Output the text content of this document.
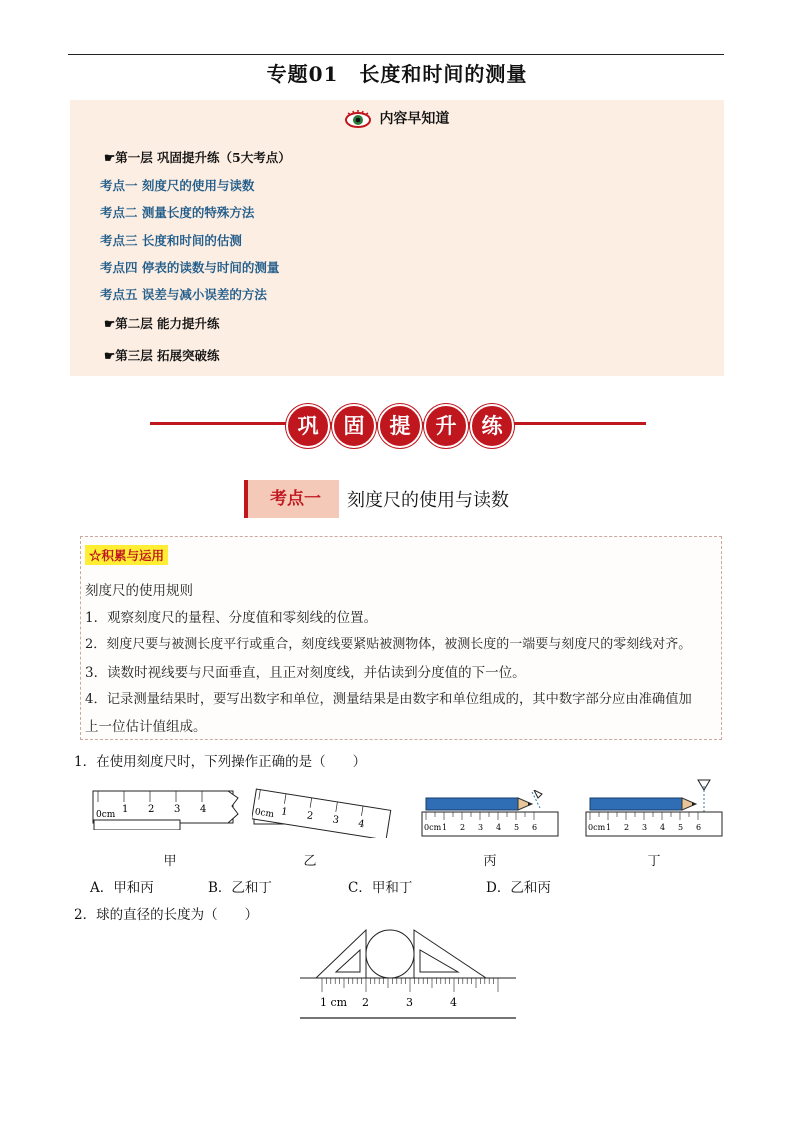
专题01　长度和时间的测量
内容早知道
☛第一层 巩固提升练（5大考点）
考点一 刻度尺的使用与读数
考点二 测量长度的特殊方法
考点三 长度和时间的估测
考点四 停表的读数与时间的测量
考点五 误差与减小误差的方法
☛第二层 能力提升练
☛第三层 拓展突破练
巩	固	提	升	练
考点一	刻度尺的使用与读数
☆积累与运用
刻度尺的使用规则
1．观察刻度尺的量程、分度值和零刻线的位置。
2．刻度尺要与被测长度平行或重合，刻度线要紧贴被测物体，被测长度的一端要与刻度尺的零刻线对齐。
3．读数时视线要与尺面垂直，且正对刻度线，并估读到分度值的下一位。
4．记录测量结果时，要写出数字和单位，测量结果是由数字和单位组成的，其中数字部分应由准确值加
上一位估计值组成。
1．在使用刻度尺时，下列操作正确的是（　　）
0cm 1 2 3 4	0cm 1 2 3 4	0cm 1 2 3 4 5 6	0cm 1 2 3 4 5 6
甲	乙	丙	丁
A．甲和丙	B．乙和丁	C．甲和丁	D．乙和丙
2．球的直径的长度为（　　）
1 cm 2	3	4
